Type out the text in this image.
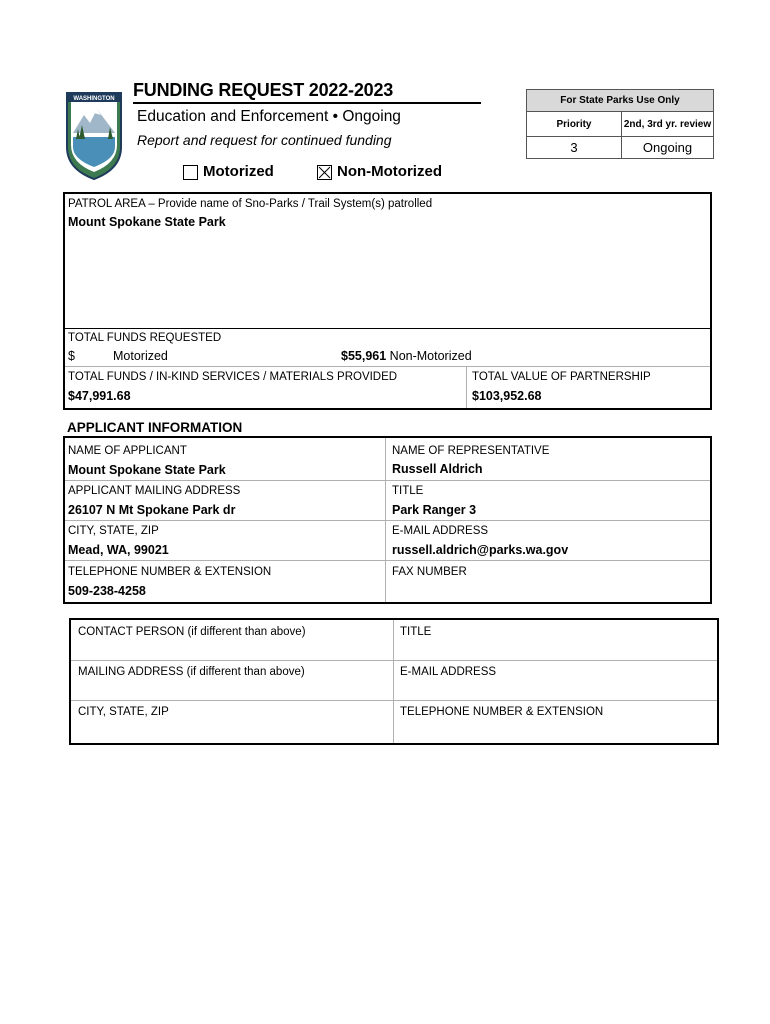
WASHINGTON FUNDING REQUEST 2022-2023
Education and Enforcement • Ongoing
Report and request for continued funding
For State Parks Use Only
Priority	2nd, 3rd yr. review
3	Ongoing
Motorized	Non-Motorized
PATROL AREA – Provide name of Sno-Parks / Trail System(s) patrolled
Mount Spokane State Park
TOTAL FUNDS REQUESTED
$	Motorized	$55,961 Non-Motorized
TOTAL FUNDS / IN-KIND SERVICES / MATERIALS PROVIDED
$47,991.68
TOTAL VALUE OF PARTNERSHIP
$103,952.68
APPLICANT INFORMATION
NAME OF APPLICANT
Mount Spokane State Park
NAME OF REPRESENTATIVE
Russell Aldrich
APPLICANT MAILING ADDRESS
26107 N Mt Spokane Park dr
TITLE
Park Ranger 3
CITY, STATE, ZIP
Mead, WA, 99021
E-MAIL ADDRESS
russell.aldrich@parks.wa.gov
TELEPHONE NUMBER & EXTENSION
509-238-4258
FAX NUMBER
CONTACT PERSON (if different than above)	TITLE
MAILING ADDRESS (if different than above)	E-MAIL ADDRESS
CITY, STATE, ZIP	TELEPHONE NUMBER & EXTENSION
